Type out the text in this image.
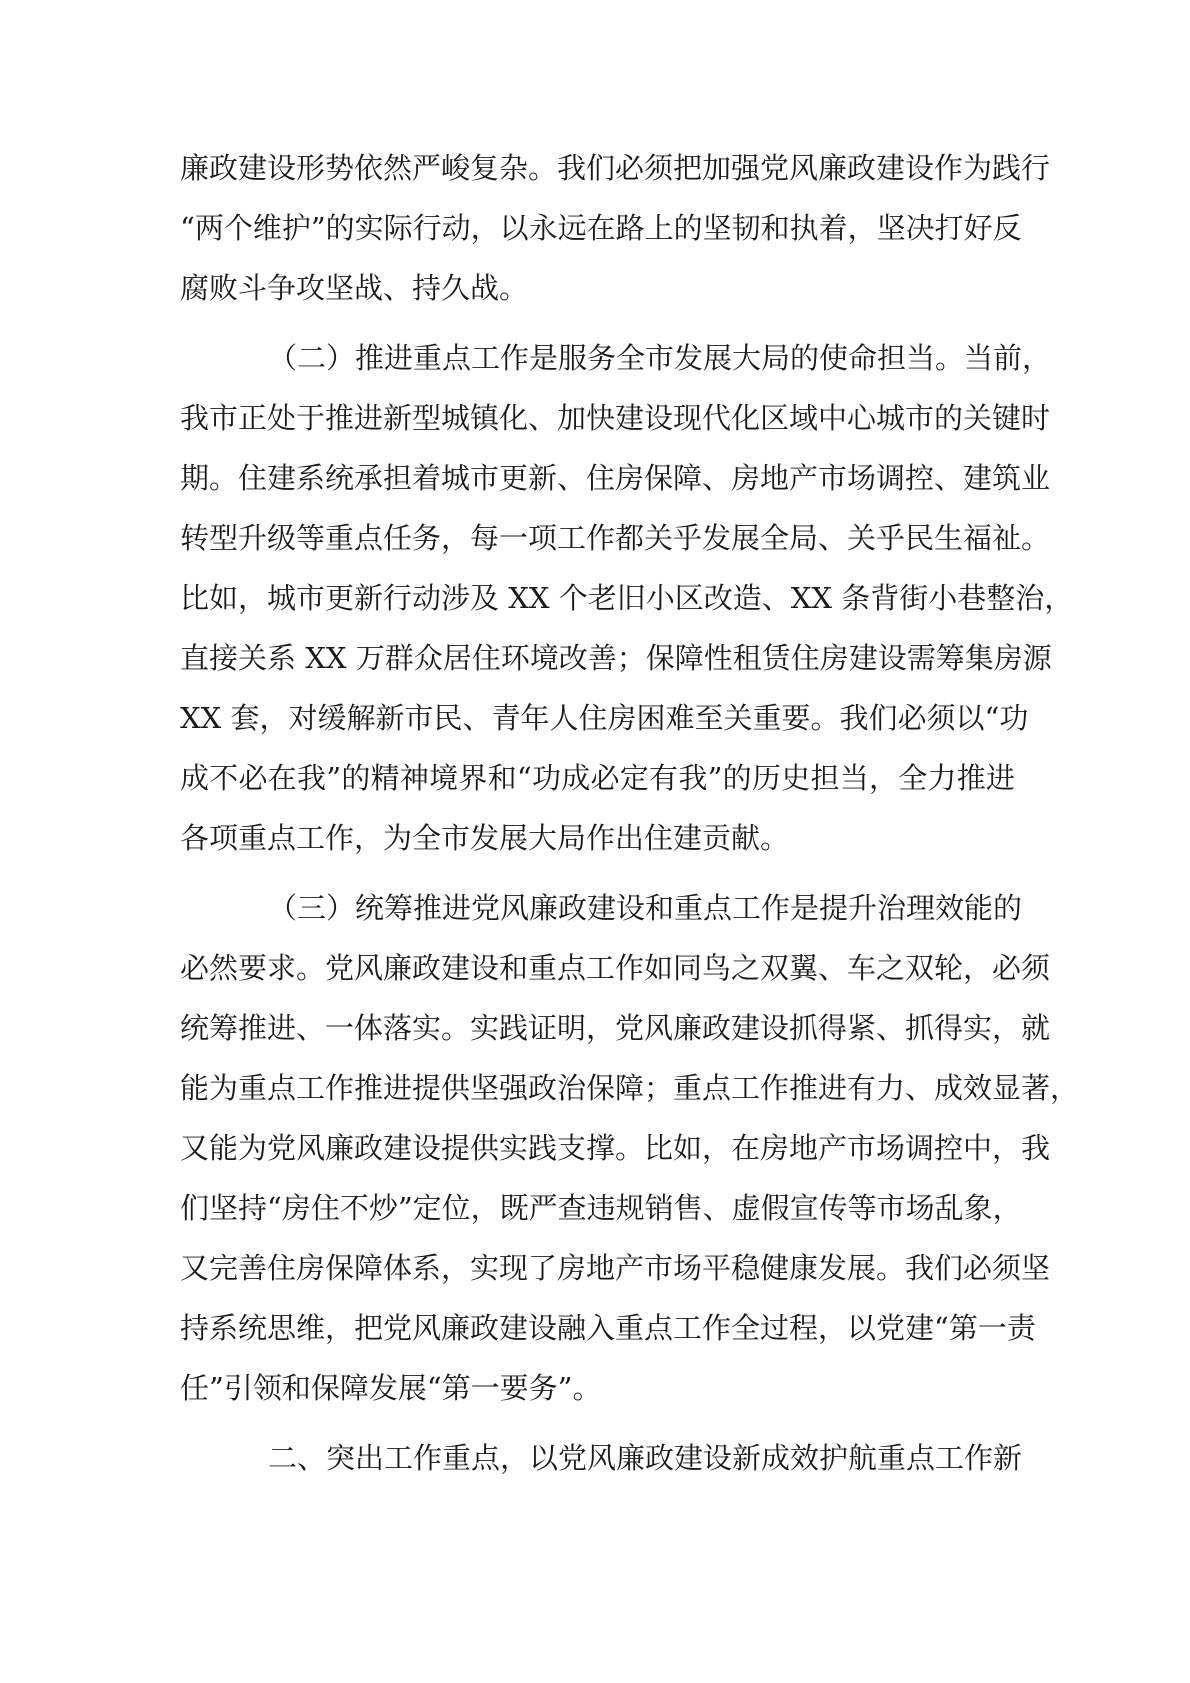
廉政建设形势依然严峻复杂。我们必须把加强党风廉政建设作为践行
“两个维护”的实际行动，以永远在路上的坚韧和执着，坚决打好反
腐败斗争攻坚战、持久战。
（二）推进重点工作是服务全市发展大局的使命担当。当前，
我市正处于推进新型城镇化、加快建设现代化区域中心城市的关键时
期。住建系统承担着城市更新、住房保障、房地产市场调控、建筑业
转型升级等重点任务，每一项工作都关乎发展全局、关乎民生福祉。
比如，城市更新行动涉及 XX 个老旧小区改造、XX 条背街小巷整治，
直接关系 XX 万群众居住环境改善；保障性租赁住房建设需筹集房源
XX 套，对缓解新市民、青年人住房困难至关重要。我们必须以“功
成不必在我”的精神境界和“功成必定有我”的历史担当，全力推进
各项重点工作，为全市发展大局作出住建贡献。
（三）统筹推进党风廉政建设和重点工作是提升治理效能的
必然要求。党风廉政建设和重点工作如同鸟之双翼、车之双轮，必须
统筹推进、一体落实。实践证明，党风廉政建设抓得紧、抓得实，就
能为重点工作推进提供坚强政治保障；重点工作推进有力、成效显著，
又能为党风廉政建设提供实践支撑。比如，在房地产市场调控中，我
们坚持“房住不炒”定位，既严查违规销售、虚假宣传等市场乱象，
又完善住房保障体系，实现了房地产市场平稳健康发展。我们必须坚
持系统思维，把党风廉政建设融入重点工作全过程，以党建“第一责
任”引领和保障发展“第一要务”。
二、突出工作重点，以党风廉政建设新成效护航重点工作新
